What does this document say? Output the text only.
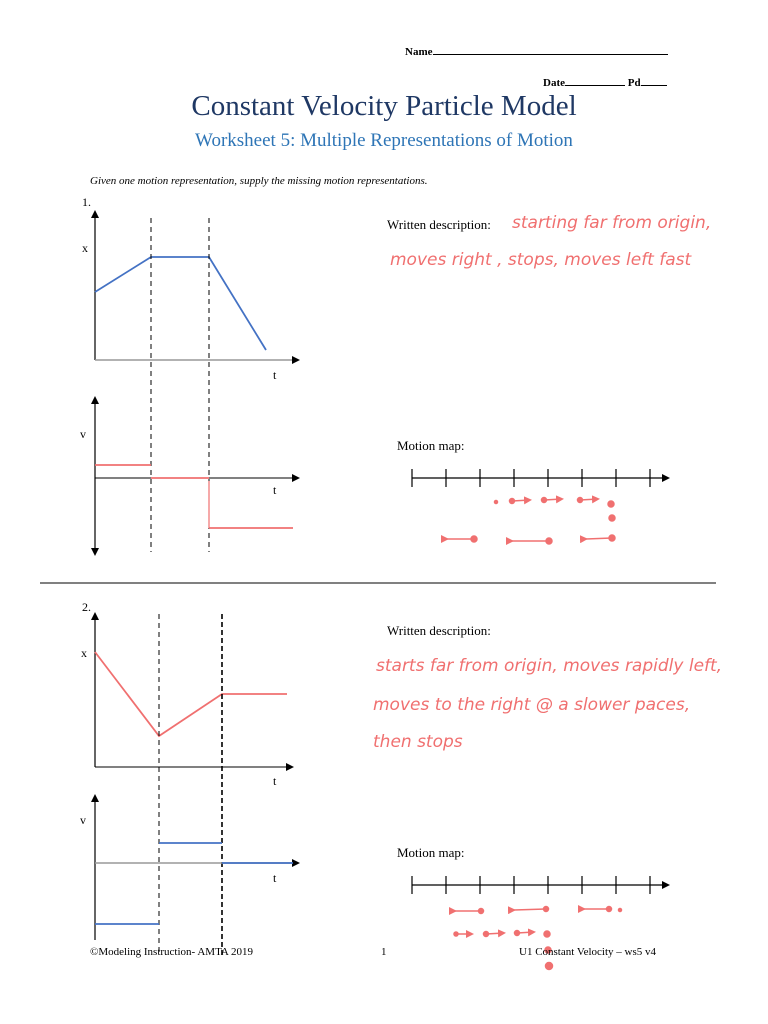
Name
Date	Pd
Constant Velocity Particle Model
Worksheet 5: Multiple Representations of Motion
Given one motion representation, supply the missing motion representations.
1.
2.
Written description: starting far from origin,
moves right , stops, moves left fast
Motion map:
Written description:
starts far from origin, moves rapidly left,
moves to the right @ a slower paces,
then stops
Motion map:
x
t
v
t
x
t
v
t
©Modeling Instruction- AMTA 2019	1	U1 Constant Velocity – ws5 v4
